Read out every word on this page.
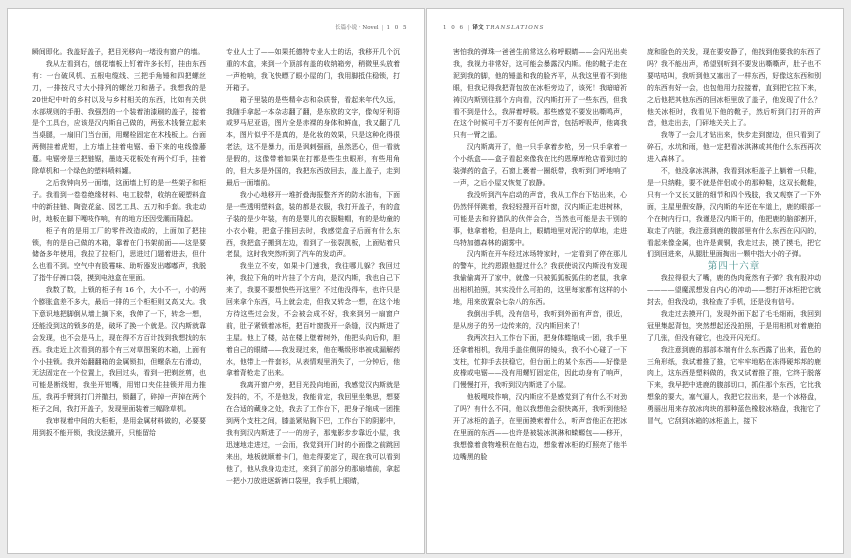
长篇小说 · Novel | 1 0 5

瞬间即化。我盖好盖子，把目光移向一堵没有窗户的墙。

我从左看到右，刨花墙板上钉着许多长钉，挂由东西有：一台破风机、五根电缆线、三把手角锤和四把螺丝刀，一排按尺寸大小排列的螺丝刀和凿子。我想我的是20世纪中叶的乡村以及与乡村相关的东西，比如有关供水部规则的手册、我强烈的一个装着油漆刷的盖子，接着是个工具台，应该是汉内斯自己做的，两张木钱餐立起来当桌腿，一扇旧门当台面，用螺栓固定在木栈板上。台面两侧挂着虎钳，上方墙上挂着电锯、垂下来的电线像藤蔓。电锯旁是三把链锯，墨迹天花板处有两个灯手，挂着除草机和一个绿色的塑料喷料罐。

之后我钟向另一面墙，这面墙上钉的是一些架子和柜子。我看到一卷卷绝缘材料、电工胶带，收纳在硬塑料盒中的新挂链、陶瓷花盆、园艺工具、五刀和手套。我走动时，地板在脚下嘎吱作响，有的地方还因受潮而隆起。

柜子有的是用工厂的零件改造成的，上面加了把挂锁，有的是自己做的木箱，靠着在门书架前面——这是要储备多年使用，我拉了拉柜门，思进过门题着进去，但什么也看不到。空气中有股霉味、助听器发出嘟嘟声，我脱了指牛仔裤口袋，摸到电池盒在里面。

我数了数，上锁的柜子有 16 个，大小不一，小的两个膨胀盒差不多大，最后一排的三个柜柜则又高又大。我下意识地把脚倒从墙上摘下来，我伸了一下，转念一想，还能没到这的锁多的是，破坏了换一个就是。汉内斯就靠会发现，也不会是马上，现在得不方百计找到我想找的东西。我走近上次看到的那个有三对草图案的木箱，上面有个小挂锁。我并始翻翻箱的金属锁扣，但螺条左右滑动，无法固定在一个位置上，我回过头，看到一把剃丝剪，也可能是断线钳，我坐开钳嘴，用钳口夹住挂锁并用力推压，我再手臂到打门并撤扫，锁翻了，碎掉一声掉在两个柜子之间，我打开盖子，发现里面装着三幅除草机。

我审视着中间的大柜柜，是用金属材料做的，必要要用到扳不能开锁，我没法撬开，只能留给

专业人士了——如果托德特专业人士的话，我移开几个沉重的木盒，来到一个顶部有盖的收纳箱旁，稍微里头放着一声枪响，我飞快瞟了眼小屋的门，我用脚抵住稳锁，打开箱子。

箱子里装的是些精伞志和杂质誉，看起来年代久远，我随手拿起一本杂志翻了翻，是东欧的文字，像匈牙利语或罗马尼亚语，图片全是赤裸的身体和鲜血，我又翻了几本，图片似乎不是真的，是化妆的效果，只是这种化得很老法，这不是暴力，而是讽刺强画，虽然恶心，但一看就是假的，这像带着如果在打都是些生虫眼形，有些用角的，但大多是外国的，我把东西放回去，盖上盖子，走到最后一面墙前。

我小心地移开一堆折叠海报整齐齐的防水油布，下面是一些透明塑料盒，装的都是衣服，我打开盖子，有的盒子装的是少年装，有的是婴儿的衣服鞋帽，有的是幼童的小衣小鞋，把盒子推回去时，我感觉盒子后面有什么东西，我把盒子搬到左边，看到了一张裂凯板，上面贴着只老鼠，这时我突然听到了汽车的发动声。

我坐立不安，如果卡门速我，我往哪儿躲？我回过神，我拉下角的叶片挂了个方向，是汉内斯，我也自己下来了，我要不要想快些开这里？不过他没得车，也许只是回来拿个东西，马上就会走，但我又转念一想，在这个地方待这些过会发，不会被会成不好，我来到另一扇窗户前，肚子紧锁着冰柜，把百叶窗拨开一条缝，汉内斯进了主屋。他上了楼，站在楼上壁着树外，他把头向后仰，胆着自己的眼睛——我发现过来，他在嘴级形串被成漏解药水，他带上一件套衫，从表情观里消失了，一分钟后，他拿着背枪走了出来。

我离开窗户旁，把目光投向地面，我感觉汉内斯就是发抖的，不，不是他发，我能肯定，我回里坐集思，想要在合适的藏身之处，我去了工作台下，把身子缩成一团推到两个支柱之间，膝盖紧贴胸下巴，工作台下的阴影中，我有到汉内斯进了一一的房子，那鬼影步步靠近小屋，我迅速地走进过，一会而，我觉到开门时的小面像之前跳回来出，地板就顺着卡门，他走得要定了，现在我可以看到他了，他从我身边走过，来到了前部分的那扇墙前，拿起一把小刀放进逐新裤口袋里，我手机上眼睛，

1 0 6 | 译文 TRANSLATIONS

害怕我的弹珠一爸爸生前常这么称呼眼睛——会闪光出卖我，我视力非常好，这可能会暴露汉内斯。他的靴子走在泥到我的脚，他的锤盖和我的脸齐平，从我这里看不到他眼，但我记得我把背包放在冰柜旁边了，该死！我暗暗祈祷汉内斯别往那个方向看，汉内斯打开了一些东西，但我看不到是什么，我屏着呼吸。那些感觉不要发出嘶鸣声，在这个时候可千万不要有任何声音，包括呼吸声，他离我只有一臂之遥。

汉内斯离开了，他一只手拿着步枪，另一只手拿着一个小纸盒——盒子看起来像我在比约恩摩库枪店看到过的装弹药的盒子，石窗上裹着一圈纸带，我听到门呼地响了一声，之后小屋又恢复了寂静。

我没听到汽车启动的声音，我从工作台下钻出来，心仍然怦怦跳着，我轻轻搜开百叶窗，汉内斯正走进树林，可能是去和狩猎队的伙伴会合，当然也可能是去干别的事，他拿着枪，但是向上，眼睛地里对泥泞的草地，走进乌特加德森林的湖雾中。

汉内斯在开车经过冰场特家时，一定看到了停在那儿的警车，比约恩跟他提过什么？我获使说汉内斯没有发现我偷偷离开了家中，就像一只被狐狐板狐住的老鼠，我拿出相机拍照，其实没什么可拍的，这里每家都有这样的小地，用来放置杂七杂八的东西。

我倒出手机，没有信号，我听到外面有声音，很近，是从房子的另一边传来的，汉内斯回来了！

我两次扫入工作台下面，把身体蜷缩成一团，我手里还拿着相机，我用手盖住侧屏的镜头，我不小心碰了一下支柱，忙抑手去扶稳它，但台面上的某个东西——好像是皮橡或电锯——没有用螺钉固定住，因此动身有了响声，门慢慢打开，我听到汉内斯进了小屋。

他板嘎吱作响，汉内斯应不是感觉到了有什么不对劲了吗？有什么不同，他以我想他会很快离开，我听到他轻开了冰柜的盖子，在里面摸索着什么，听声音他正在把冰在里面的东西——也许是被装冰淇淋和蝾螈包——移开，我想像着食物堆积在他右边，想象着冰柜的灯照亮了他半边嘴黑的脸

庞和脸色的关发，现在要安静了，他找到他要我的东西了吗？我不能出声，希望别听到不要发出嘶嘶声，肚子也不要咕咕叫，我听到他又塞出了一样东西，好像这东西和别的东西有好一会，也包他用力拉接着，直到把它拉下来，之后他把其他东西的回冰柜里放了盖子，他发现了什么？他关冰柜时，我看见下他的靴子，然后听到门打开的声音，他走出去，门砰地关关上了。

我等了一会儿才钻出来，快步走到窗边，但只看到了碎石，水坑和雨，他一定把看冰淇淋或其他什么东西再次进入森林了。

不，他没拿冰淇淋，我看到冰柜盖子上躺着一只鞋，是一只纳鞋，要不就是伴侣或小的那种鞋，这双长靴鞋，只有一个又长又脏的细节和四个残肢，我又观察了一下外面，主屋里假安静，汉内斯的车还在车道上，鹿的眼部一个在树内行口，我谨是汉内斯干的，他把鹿的脑部割开，取走了内脏，我注意到鹿的腹部里有什么东西在闪闪的，看起来像金属，也许是黄铜，我走过去，摸了摸毛，把它们到回进来，从腿肚里面掏出一颗中指大小的子弹。

第四十六章

我拉得很大了嘴，鹿的伪肉竟然有子弹？我有股冲动————望魔派想发自内心的冲动——想打开冰柜把它就封去，但我没动，我检查了手机，还是没有信号。

我走过去摸开门，发现外面下起了毛毛细雨，我回到冠里集起背包，突然想起还没拍照，于是用相机对着鹿拍了几张，但没有碰它，也没开闪光灯。

我注意到鹿的那部本端有什么东西露了出来，蓝色的三角形纸，我试着推了推，它牢牢地粘在冻得硬邦邦的鹿肉上，这东西是塑料做的，我又试着推了推，它终于脱落下来，我早把中进鹿的腹部切口，抓住那个东西，它比我想象的要大，塞气逼人，我把它拉出来，是一个冰格盘，勇丽出用来存放冰肉块的那种蓝色橡胶冰格盘，我拖它了冒气，它刮到冰箱的冰柜盖上，接下
